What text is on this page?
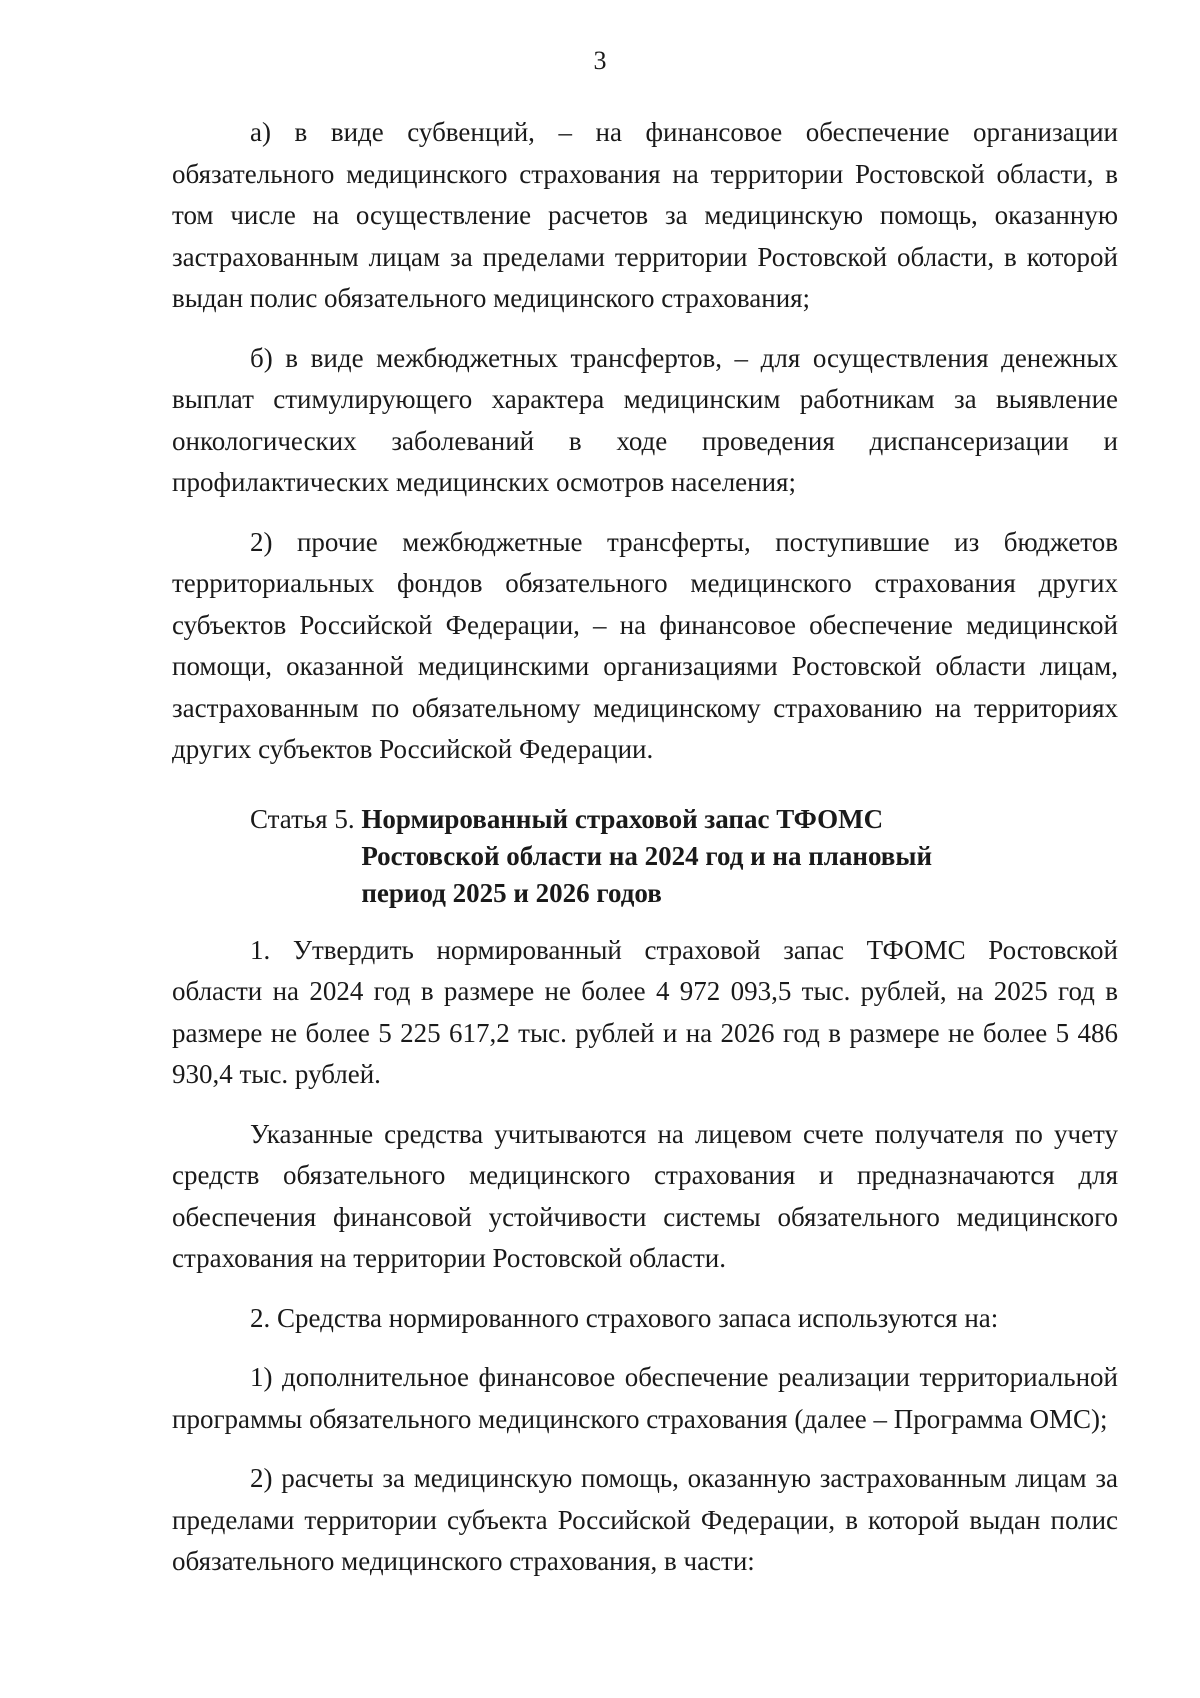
3

а) в виде субвенций, – на финансовое обеспечение организации обязательного медицинского страхования на территории Ростовской области, в том числе на осуществление расчетов за медицинскую помощь, оказанную застрахованным лицам за пределами территории Ростовской области, в которой выдан полис обязательного медицинского страхования;

б) в виде межбюджетных трансфертов, – для осуществления денежных выплат стимулирующего характера медицинским работникам за выявление онкологических заболеваний в ходе проведения диспансеризации и профилактических медицинских осмотров населения;

2) прочие межбюджетные трансферты, поступившие из бюджетов территориальных фондов обязательного медицинского страхования других субъектов Российской Федерации, – на финансовое обеспечение медицинской помощи, оказанной медицинскими организациями Ростовской области лицам, застрахованным по обязательному медицинскому страхованию на территориях других субъектов Российской Федерации.

Статья 5. Нормированный страховой запас ТФОМС Ростовской области на 2024 год и на плановый период 2025 и 2026 годов

1. Утвердить нормированный страховой запас ТФОМС Ростовской области на 2024 год в размере не более 4 972 093,5 тыс. рублей, на 2025 год в размере не более 5 225 617,2 тыс. рублей и на 2026 год в размере не более 5 486 930,4 тыс. рублей.

Указанные средства учитываются на лицевом счете получателя по учету средств обязательного медицинского страхования и предназначаются для обеспечения финансовой устойчивости системы обязательного медицинского страхования на территории Ростовской области.

2. Средства нормированного страхового запаса используются на:

1) дополнительное финансовое обеспечение реализации территориальной программы обязательного медицинского страхования (далее – Программа ОМС);

2) расчеты за медицинскую помощь, оказанную застрахованным лицам за пределами территории субъекта Российской Федерации, в которой выдан полис обязательного медицинского страхования, в части:
